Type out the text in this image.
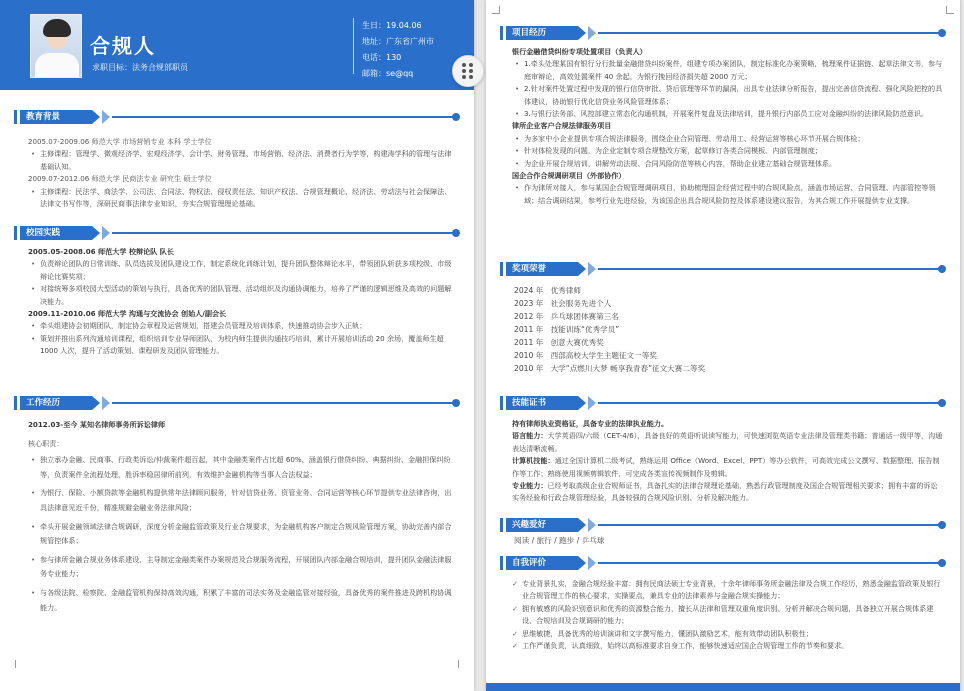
合规人
求职目标：法务合规部职员
生日：19.04.06
地址：广东省广州市
电话：130
邮箱：se@qq
教育背景
2005.07-2009.06 师范大学 市场营销专业 本科 学士学位
• 主修课程：管理学、微观经济学、宏观经济学、会计学、财务管理、市场营销、经济法、消费者行为学等，构建涛学科的管理与法律基础认知。
2009.07-2012.06 师范大学 民商法专业 研究生 硕士学位
• 主修课程：民法学、商法学、公司法、合同法、物权法、侵权责任法、知识产权法、合规管理概论、经济法、劳动法与社会保障法、法律文书写作等，深研民商事法律专业知识，夯实合规管理理论基础。
校园实践
2005.05-2008.06 师范大学 校辩论队 队长
• 负责辩论团队的日常训练、队员选拔及团队建设工作，制定系统化训练计划，提升团队整体辩论水平，带领团队斩获多项校级、市级辩论比赛奖项；
• 对接统筹多项校园大型活动的策划与执行，具备优秀的团队管理、活动组织及沟通协调能力，培养了严谨的逻辑思维及高效的问题解决能力。
2009.11-2010.06 师范大学 沟通与交流协会 创始人/副会长
• 牵头组建协会初期团队，制定协会章程及运营规划，搭建会员管理及培训体系，快速推动协会步入正轨；
• 策划并推出系列沟通培训课程，组织培训专业导师团队，为校内师生提供沟通技巧培训，累计开展培训活动 20 余场，覆盖师生超 1000 人次，提升了活动策划、课程研发及团队管理能力。
工作经历
2012.03-至今 某知名律师事务所诉讼律师
核心职责：
• 独立承办金融、民商事、行政类诉讼/仲裁案件超百起，其中金融类案件占比超 60%，涵盖银行借贷纠纷、典据纠纷、金融担保纠纷等，负责案件全流程处理，胜诉率稳居律所前列，有效维护金融机构等当事人合法权益；
• 为银行、保险、小额贷款等金融机构提供常年法律顾问服务，针对信贷业务、资管业务、合同运营等核心环节提供专业法律咨询，出具法律意见近千份，精准规避金融业务法律风险；
• 牵头开展金融领域法律合规调研，深度分析金融监管政策及行业合规要求，为金融机构客户制定合规风险管理方案，协助完善内部合规管控体系；
• 参与律所金融合规业务体系建设，主导制定金融类案件办案规范及合规服务流程，开展团队内部金融合规培训，提升团队金融法律服务专业能力；
• 与各级法院、检察院、金融监管机构保持高效沟通，积累了丰富的司法实务及金融监管对接经验，具备优秀的案件推进及跨机构协调能力。
项目经历
银行金融借贷纠纷专项处置项目（负责人）
• 1.牵头处理某国有银行分行批量金融借贷纠纷案件，组建专项办案团队，制定标准化办案策略，梳理案件证据链、起草法律文书，参与庭审辩论，高效处置案件 40 余起，为银行挽回经济损失超 2000 万元；
• 2.针对案件处置过程中发现的银行信贷审批、贷后管理等环节的漏洞，出具专业法律分析报告，提出完善信贷流程、强化风险把控的具体建议，协助银行优化信贷业务风险管理体系；
• 3.与银行法务部、风控部建立常态化沟通机制，开展案件复盘及法律培训，提升银行内部员工应对金融纠纷的法律风险防范意识。
律所企业客户合规法律服务项目
• 为多家中小企业提供专项合规法律服务，围绕企业合同管理、劳动用工、经营运营等核心环节开展合规体检；
• 针对体检发现的问题，为企业定制专项合规整改方案，起草修订各类合同模板、内部管理制度；
• 为企业开展合规培训，讲解劳动法规、合同风险防范等核心内容，帮助企业建立基础合规管理体系。
国企合作合规调研项目（外部协作）
• 作为律所对接人，参与某国企合规管理调研项目，协助梳理国企经营过程中的合规风险点，涵盖市场运营、合同管理、内部管控等领域；结合调研结果，参考行业先进经验，为该国企出具合规风险防控及体系建设建议报告，为其合规工作开展提供专业支撑。
奖项荣誉
2024 年 优秀律师
2023 年 社会服务先进个人
2012 年 乒乓球团体赛第三名
2011 年 技能训练“优秀学员”
2011 年 创意大赛优秀奖
2010 年 西部高校大学生主题征文一等奖
2010 年 大学“点燃川大梦 畅享我青春”征文大赛二等奖
技能证书
持有律师执业资格证，具备专业的法律执业能力。
语言能力：大学英语四/六级（CET-4/6），具备良好的英语听说读写能力，可快速浏览英语专业法律及管理类书籍；普通话一级甲等，沟通表达清晰流畅。
计算机技能：通过全国计算机二级考试，熟练运用 Office（Word、Excel、PPT）等办公软件，可高效完成公文撰写、数据整理、报告制作等工作；熟练使用视频剪辑软件，可完成各类宣传视频制作及剪辑。
专业能力：已经考取高级企业合规师证书，具备扎实的法律合规理论基础，熟悉行政管理制度及国企合规管理相关要求；拥有丰富的诉讼实务经验和行政合规管理经验，具备较强的合规风险识别、分析及解决能力。
兴趣爱好
阅读 / 旅行 / 跑步 / 乒乓球
自我评价
✓ 专业背景扎实，金融合规经验丰富：拥有民商法硕士专业背景，十余年律师事务所金融法律及合规工作经历，熟悉金融监管政策及银行业合规管理工作的核心要求，实操要点，兼具专业的法律素养与金融合规实操能力；
✓ 拥有敏感的风险识别意识和优秀的资源整合能力，擅长从法律和管理双重角度识别、分析并解决合规问题，具备独立开展合规体系建设、合规培训及合规调研的能力；
✓ 思维敏捷，具备优秀的培训演讲和文字撰写能力，懂团队激励艺术，能有效带动团队积极性；
✓ 工作严谨负责，认真细致，始终以高标准要求自身工作，能够快速适应国企合规管理工作的节奏和要求。
